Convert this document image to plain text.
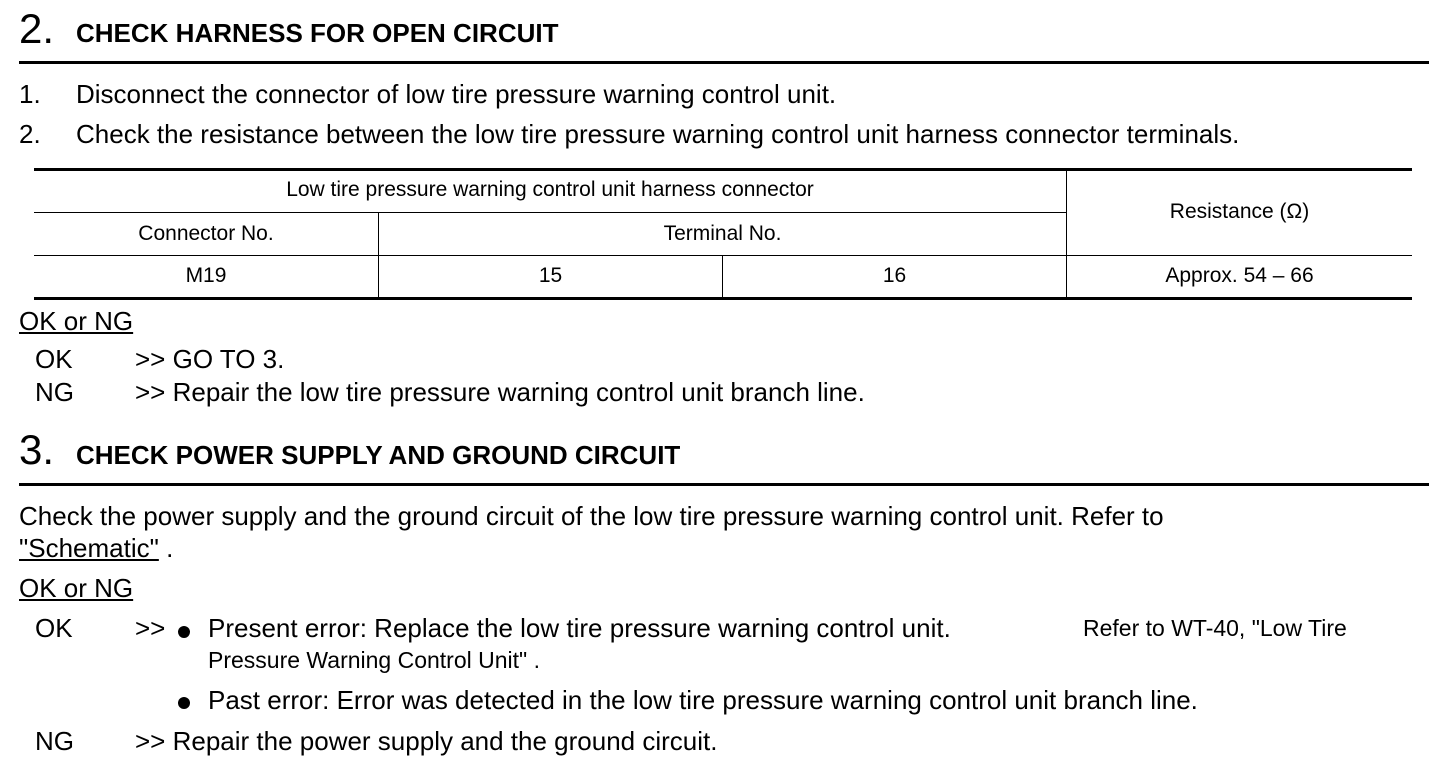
2. CHECK HARNESS FOR OPEN CIRCUIT
1. Disconnect the connector of low tire pressure warning control unit.
2. Check the resistance between the low tire pressure warning control unit harness connector terminals.
Low tire pressure warning control unit harness connector
Resistance (Ω)
Connector No.	Terminal No.
M19	15	16	Approx. 54 – 66
OK or NG
OK >> GO TO 3.
NG >> Repair the low tire pressure warning control unit branch line.
3. CHECK POWER SUPPLY AND GROUND CIRCUIT
Check the power supply and the ground circuit of the low tire pressure warning control unit. Refer to
"Schematic" .
OK or NG
OK >> Present error: Replace the low tire pressure warning control unit.	Refer to WT-40, "Low Tire
Pressure Warning Control Unit" .
Past error: Error was detected in the low tire pressure warning control unit branch line.
NG >> Repair the power supply and the ground circuit.
